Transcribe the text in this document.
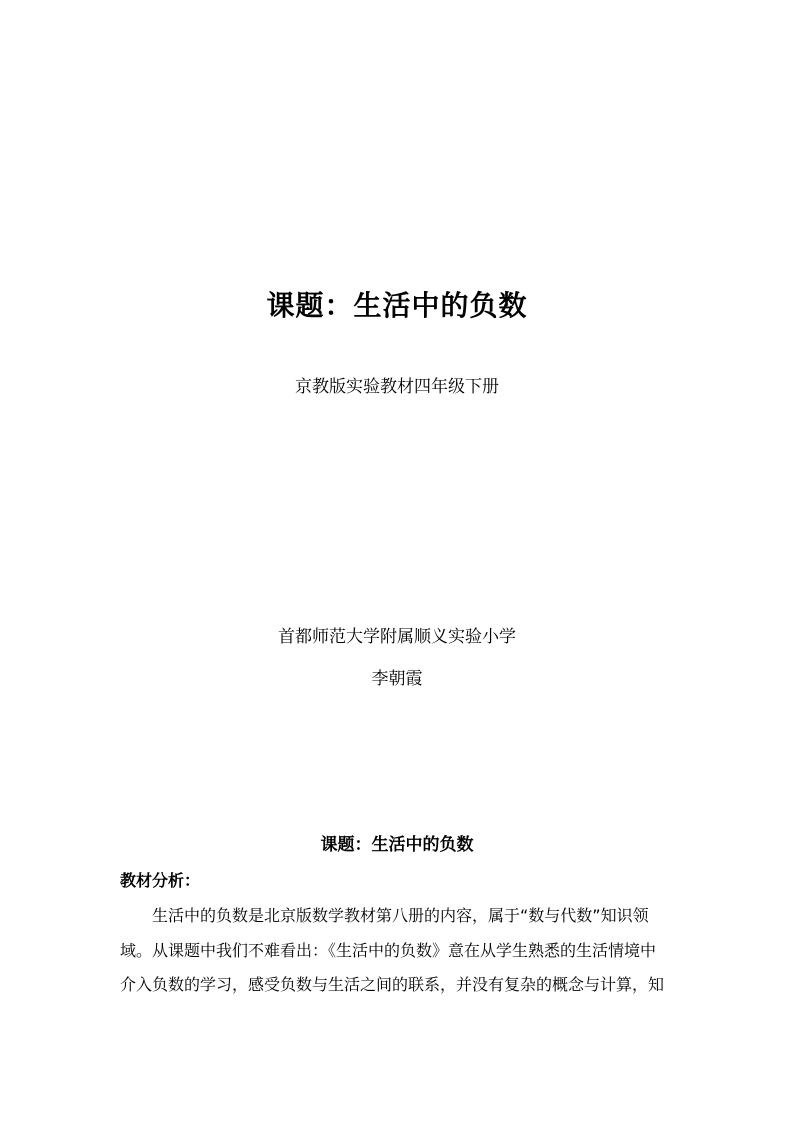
课题：生活中的负数

京教版实验教材四年级下册

首都师范大学附属顺义实验小学

李朝霞

课题：生活中的负数

教材分析：

生活中的负数是北京版数学教材第八册的内容，属于“数与代数”知识领

域。从课题中我们不难看出：《生活中的负数》意在从学生熟悉的生活情境中

介入负数的学习，感受负数与生活之间的联系，并没有复杂的概念与计算，知
